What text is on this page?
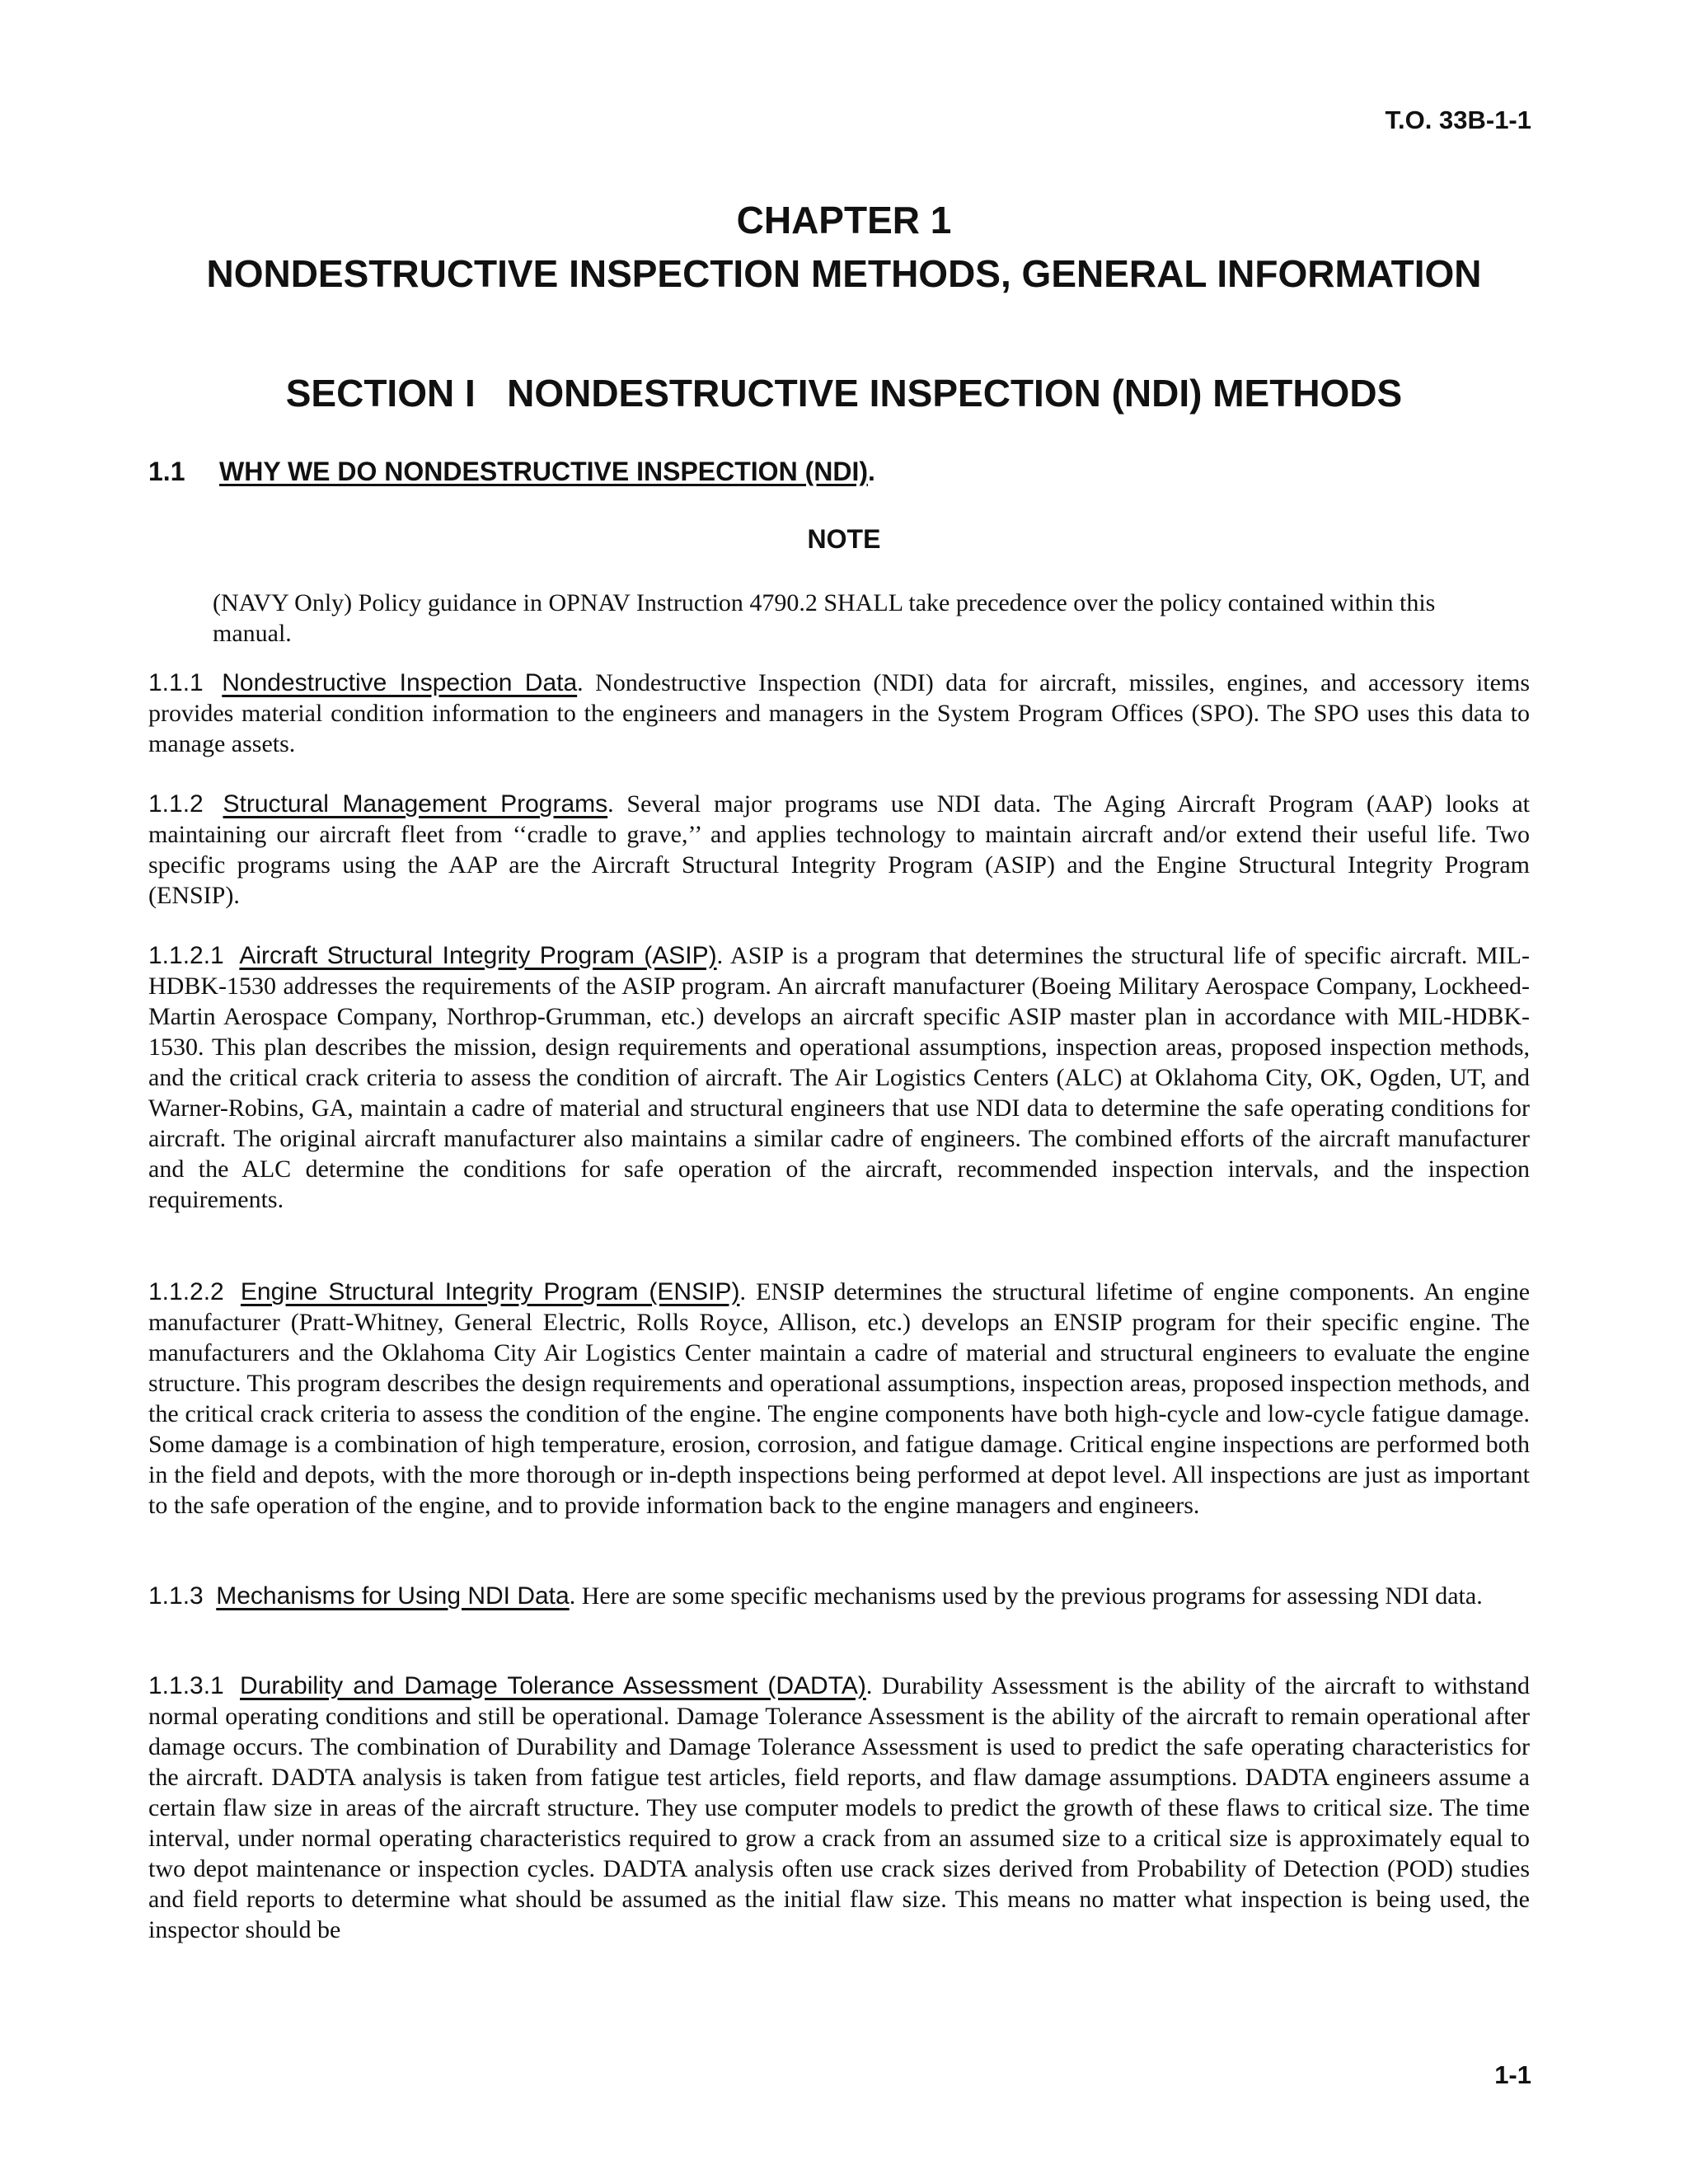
T.O. 33B-1-1
CHAPTER 1
NONDESTRUCTIVE INSPECTION METHODS, GENERAL INFORMATION
SECTION I   NONDESTRUCTIVE INSPECTION (NDI) METHODS
1.1 WHY WE DO NONDESTRUCTIVE INSPECTION (NDI).
NOTE
(NAVY Only) Policy guidance in OPNAV Instruction 4790.2 SHALL take precedence over the policy contained within this manual.
1.1.1 Nondestructive Inspection Data. Nondestructive Inspection (NDI) data for aircraft, missiles, engines, and accessory items provides material condition information to the engineers and managers in the System Program Offices (SPO). The SPO uses this data to manage assets.
1.1.2 Structural Management Programs. Several major programs use NDI data. The Aging Aircraft Program (AAP) looks at maintaining our aircraft fleet from ‘‘cradle to grave,’’ and applies technology to maintain aircraft and/or extend their useful life. Two specific programs using the AAP are the Aircraft Structural Integrity Program (ASIP) and the Engine Structural Integrity Program (ENSIP).
1.1.2.1 Aircraft Structural Integrity Program (ASIP). ASIP is a program that determines the structural life of specific aircraft. MIL-HDBK-1530 addresses the requirements of the ASIP program. An aircraft manufacturer (Boeing Military Aerospace Company, Lockheed-Martin Aerospace Company, Northrop-Grumman, etc.) develops an aircraft specific ASIP master plan in accordance with MIL-HDBK-1530. This plan describes the mission, design requirements and operational assumptions, inspection areas, proposed inspection methods, and the critical crack criteria to assess the condition of aircraft. The Air Logistics Centers (ALC) at Oklahoma City, OK, Ogden, UT, and Warner-Robins, GA, maintain a cadre of material and structural engineers that use NDI data to determine the safe operating conditions for aircraft. The original aircraft manufacturer also maintains a similar cadre of engineers. The combined efforts of the aircraft manufacturer and the ALC determine the conditions for safe operation of the aircraft, recommended inspection intervals, and the inspection requirements.
1.1.2.2 Engine Structural Integrity Program (ENSIP). ENSIP determines the structural lifetime of engine components. An engine manufacturer (Pratt-Whitney, General Electric, Rolls Royce, Allison, etc.) develops an ENSIP program for their specific engine. The manufacturers and the Oklahoma City Air Logistics Center maintain a cadre of material and structural engineers to evaluate the engine structure. This program describes the design requirements and operational assumptions, inspection areas, proposed inspection methods, and the critical crack criteria to assess the condition of the engine. The engine components have both high-cycle and low-cycle fatigue damage. Some damage is a combination of high temperature, erosion, corrosion, and fatigue damage. Critical engine inspections are performed both in the field and depots, with the more thorough or in-depth inspections being performed at depot level. All inspections are just as important to the safe operation of the engine, and to provide information back to the engine managers and engineers.
1.1.3 Mechanisms for Using NDI Data. Here are some specific mechanisms used by the previous programs for assessing NDI data.
1.1.3.1 Durability and Damage Tolerance Assessment (DADTA). Durability Assessment is the ability of the aircraft to withstand normal operating conditions and still be operational. Damage Tolerance Assessment is the ability of the aircraft to remain operational after damage occurs. The combination of Durability and Damage Tolerance Assessment is used to predict the safe operating characteristics for the aircraft. DADTA analysis is taken from fatigue test articles, field reports, and flaw damage assumptions. DADTA engineers assume a certain flaw size in areas of the aircraft structure. They use computer models to predict the growth of these flaws to critical size. The time interval, under normal operating characteristics required to grow a crack from an assumed size to a critical size is approximately equal to two depot maintenance or inspection cycles. DADTA analysis often use crack sizes derived from Probability of Detection (POD) studies and field reports to determine what should be assumed as the initial flaw size. This means no matter what inspection is being used, the inspector should be
1-1
